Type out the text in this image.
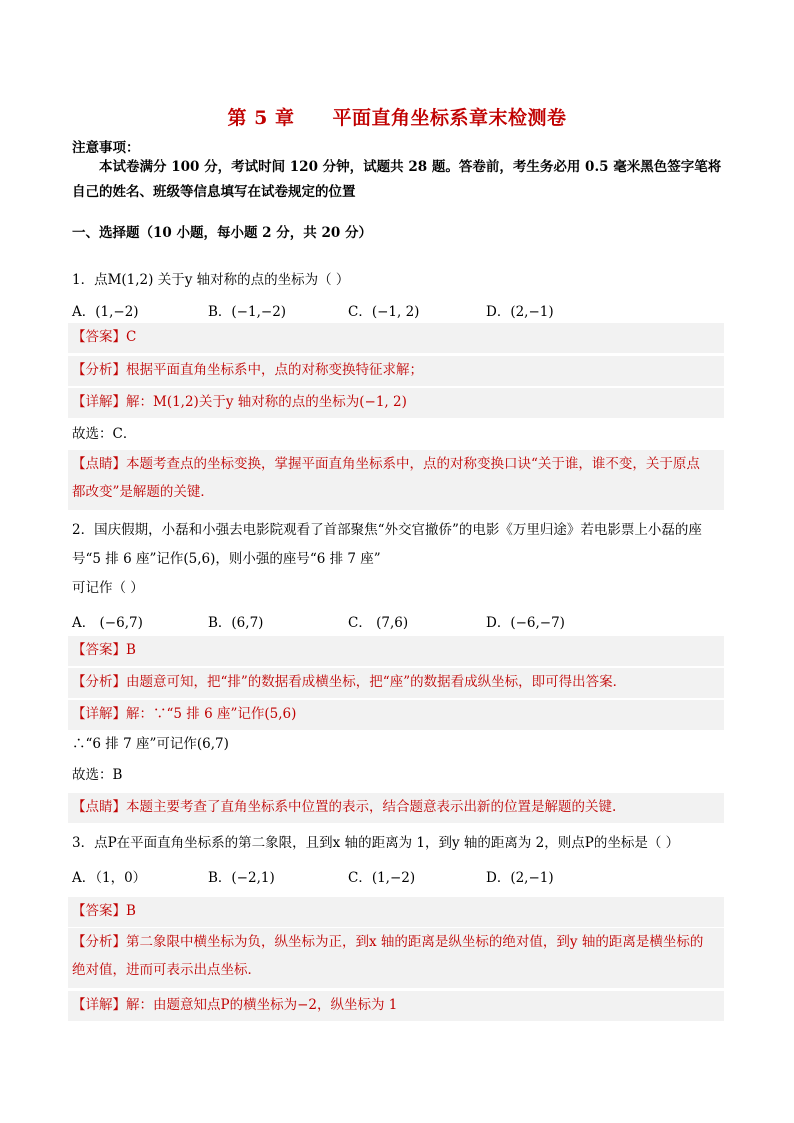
第 5 章 平面直角坐标系章末检测卷
注意事项：
本试卷满分 100 分，考试时间 120 分钟，试题共 28 题。答卷前，考生务必用 0.5 毫米黑色签字笔将自己的姓名、班级等信息填写在试卷规定的位置
一、选择题（10 小题，每小题 2 分，共 20 分）
1．点M(1,2) 关于y 轴对称的点的坐标为（ ）
A．(1,−2)	B．(−1,−2)	C．(−1, 2)	D．(2,−1)
【答案】C
【分析】根据平面直角坐标系中，点的对称变换特征求解；
【详解】解：M(1,2)关于y 轴对称的点的坐标为(−1, 2)
故选：C．
【点睛】本题考查点的坐标变换，掌握平面直角坐标系中，点的对称变换口诀“关于谁，谁不变，关于原点
都改变”是解题的关键．
2．国庆假期，小磊和小强去电影院观看了首部聚焦“外交官撤侨”的电影《万里归途》若电影票上小磊的座
号“5 排 6 座”记作(5,6)，则小强的座号“6 排 7 座”
可记作（ ）
A． (−6,7)	B．(6,7)	C． (7,6)	D．(−6,−7)
【答案】B
【分析】由题意可知，把“排”的数据看成横坐标，把“座”的数据看成纵坐标，即可得出答案．
【详解】解：∵“5 排 6 座”记作(5,6)
∴“6 排 7 座”可记作(6,7)
故选：B
【点睛】本题主要考查了直角坐标系中位置的表示，结合题意表示出新的位置是解题的关键.
3．点P在平面直角坐标系的第二象限，且到x 轴的距离为 1，到y 轴的距离为 2，则点P的坐标是（ ）
A．（1，0）	B．(−2,1)	C．(1,−2)	D．(2,−1)
【答案】B
【分析】第二象限中横坐标为负，纵坐标为正，到x 轴的距离是纵坐标的绝对值，到y 轴的距离是横坐标的
绝对值，进而可表示出点坐标．
【详解】解：由题意知点P的横坐标为−2，纵坐标为 1
